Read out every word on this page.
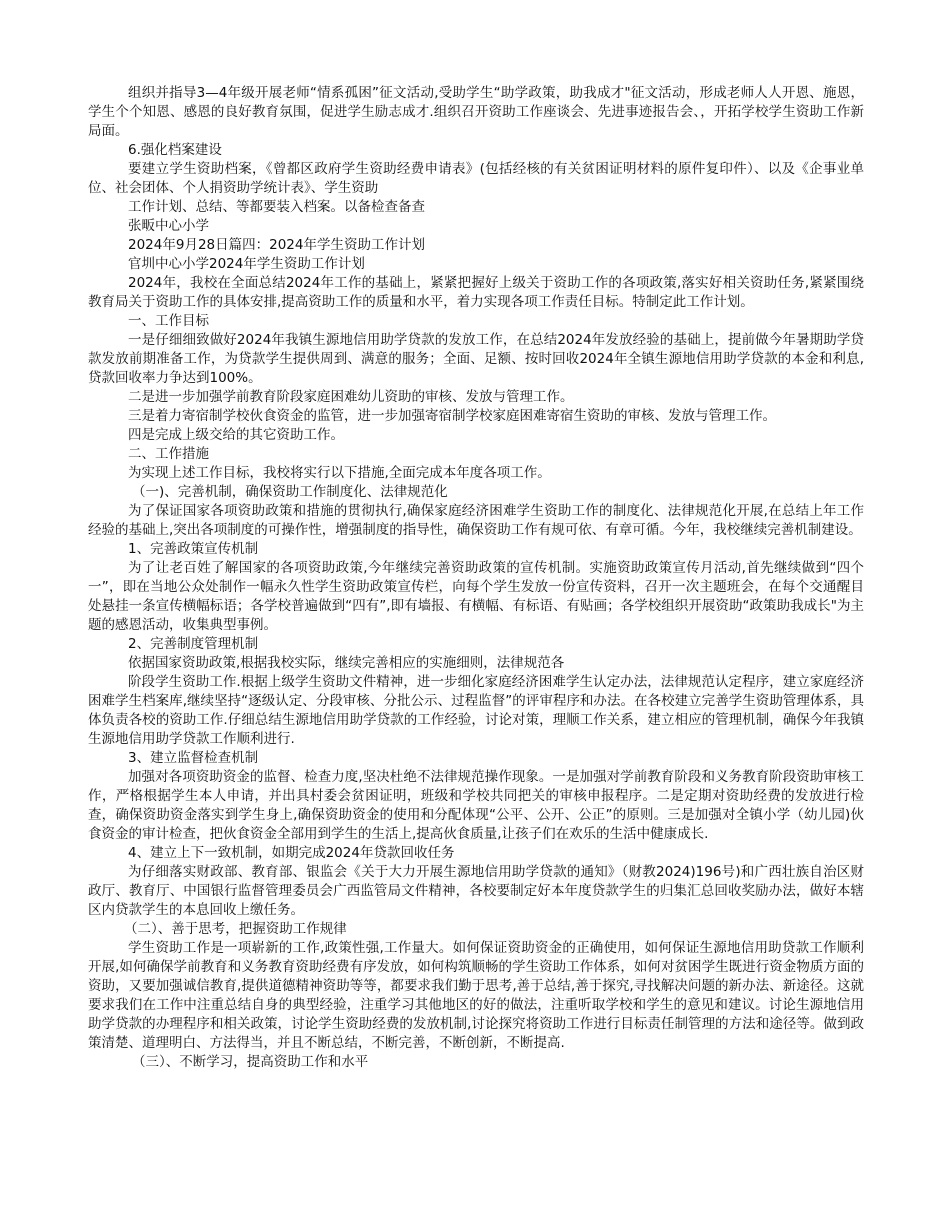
组织并指导3—4年级开展老师“情系孤困”征文活动,受助学生“助学政策，助我成才"征文活动，形成老师人人开恩、施恩，学生个个知恩、感恩的良好教育氛围，促进学生励志成才.组织召开资助工作座谈会、先进事迹报告会、，开拓学校学生资助工作新局面。

6.强化档案建设

要建立学生资助档案，《曾都区政府学生资助经费申请表》(包括经核的有关贫困证明材料的原件复印件）、以及《企事业单位、社会团体、个人捐资助学统计表》、学生资助

工作计划、总结、等都要装入档案。以备检查备查

张畈中心小学

2024年9月28日篇四：2024年学生资助工作计划

官圳中心小学2024年学生资助工作计划

2024年，我校在全面总结2024年工作的基础上，紧紧把握好上级关于资助工作的各项政策,落实好相关资助任务,紧紧围绕教育局关于资助工作的具体安排,提高资助工作的质量和水平，着力实现各项工作责任目标。特制定此工作计划。

一、工作目标

一是仔细细致做好2024年我镇生源地信用助学贷款的发放工作，在总结2024年发放经验的基础上，提前做今年暑期助学贷款发放前期准备工作，为贷款学生提供周到、满意的服务；全面、足额、按时回收2024年全镇生源地信用助学贷款的本金和利息,贷款回收率力争达到100%。

二是进一步加强学前教育阶段家庭困难幼儿资助的审核、发放与管理工作。

三是着力寄宿制学校伙食资金的监管，进一步加强寄宿制学校家庭困难寄宿生资助的审核、发放与管理工作。

四是完成上级交给的其它资助工作。

二、工作措施

为实现上述工作目标，我校将实行以下措施,全面完成本年度各项工作。

（一)、完善机制，确保资助工作制度化、法律规范化

为了保证国家各项资助政策和措施的贯彻执行,确保家庭经济困难学生资助工作的制度化、法律规范化开展,在总结上年工作经验的基础上,突出各项制度的可操作性，增强制度的指导性，确保资助工作有规可依、有章可循。今年，我校继续完善机制建设。

1、完善政策宣传机制

为了让老百姓了解国家的各项资助政策,今年继续完善资助政策的宣传机制。实施资助政策宣传月活动,首先继续做到“四个一”，即在当地公众处制作一幅永久性学生资助政策宣传栏，向每个学生发放一份宣传资料，召开一次主题班会，在每个交通醒目处悬挂一条宣传横幅标语；各学校普遍做到“四有”,即有墙报、有横幅、有标语、有贴画；各学校组织开展资助“政策助我成长"为主题的感恩活动，收集典型事例。

2、完善制度管理机制

依据国家资助政策,根据我校实际，继续完善相应的实施细则，法律规范各

阶段学生资助工作.根据上级学生资助文件精神，进一步细化家庭经济困难学生认定办法，法律规范认定程序，建立家庭经济困难学生档案库,继续坚持“逐级认定、分段审核、分批公示、过程监督”的评审程序和办法。在各校建立完善学生资助管理体系，具体负责各校的资助工作.仔细总结生源地信用助学贷款的工作经验，讨论对策，理顺工作关系，建立相应的管理机制，确保今年我镇生源地信用助学贷款工作顺利进行.

3、建立监督检查机制

加强对各项资助资金的监督、检查力度,坚决杜绝不法律规范操作现象。一是加强对学前教育阶段和义务教育阶段资助审核工作，严格根据学生本人申请，并出具村委会贫困证明，班级和学校共同把关的审核申报程序。二是定期对资助经费的发放进行检查，确保资助资金落实到学生身上,确保资助资金的使用和分配体现“公平、公开、公正”的原则。三是加强对全镇小学（幼儿园)伙食资金的审计检查，把伙食资金全部用到学生的生活上,提高伙食质量,让孩子们在欢乐的生活中健康成长.

4、建立上下一致机制，如期完成2024年贷款回收任务

为仔细落实财政部、教育部、银监会《关于大力开展生源地信用助学贷款的通知》（财教2024)196号)和广西壮族自治区财政厅、教育厅、中国银行监督管理委员会广西监管局文件精神，各校要制定好本年度贷款学生的归集汇总回收奖励办法，做好本辖区内贷款学生的本息回收上缴任务。

（二）、善于思考，把握资助工作规律

学生资助工作是一项崭新的工作,政策性强,工作量大。如何保证资助资金的正确使用，如何保证生源地信用助贷款工作顺利开展,如何确保学前教育和义务教育资助经费有序发放，如何构筑顺畅的学生资助工作体系，如何对贫困学生既进行资金物质方面的资助，又要加强诚信教育,提供道德精神资助等等，都要求我们勤于思考,善于总结,善于探究,寻找解决问题的新办法、新途径。这就要求我们在工作中注重总结自身的典型经验，注重学习其他地区的好的做法，注重听取学校和学生的意见和建议。讨论生源地信用助学贷款的办理程序和相关政策，讨论学生资助经费的发放机制,讨论探究将资助工作进行目标责任制管理的方法和途径等。做到政策清楚、道理明白、方法得当，并且不断总结，不断完善，不断创新，不断提高.

（三）、不断学习，提高资助工作和水平
